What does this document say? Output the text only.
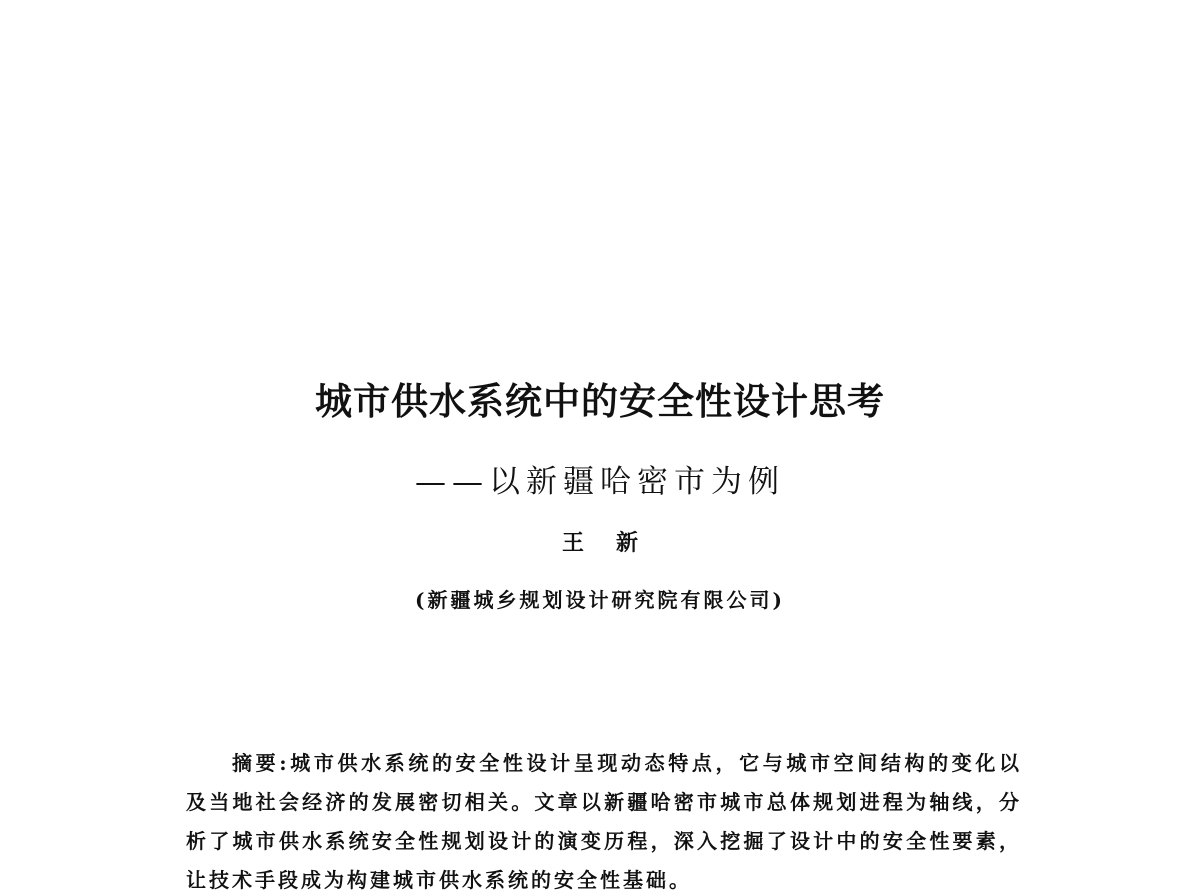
城市供水系统中的安全性设计思考
——以新疆哈密市为例
王新
(新疆城乡规划设计研究院有限公司)
摘要:城市供水系统的安全性设计呈现动态特点，它与城市空间结构的变化以及当地社会经济的发展密切相关。文章以新疆哈密市城市总体规划进程为轴线，分析了城市供水系统安全性规划设计的演变历程，深入挖掘了设计中的安全性要素，让技术手段成为构建城市供水系统的安全性基础。
